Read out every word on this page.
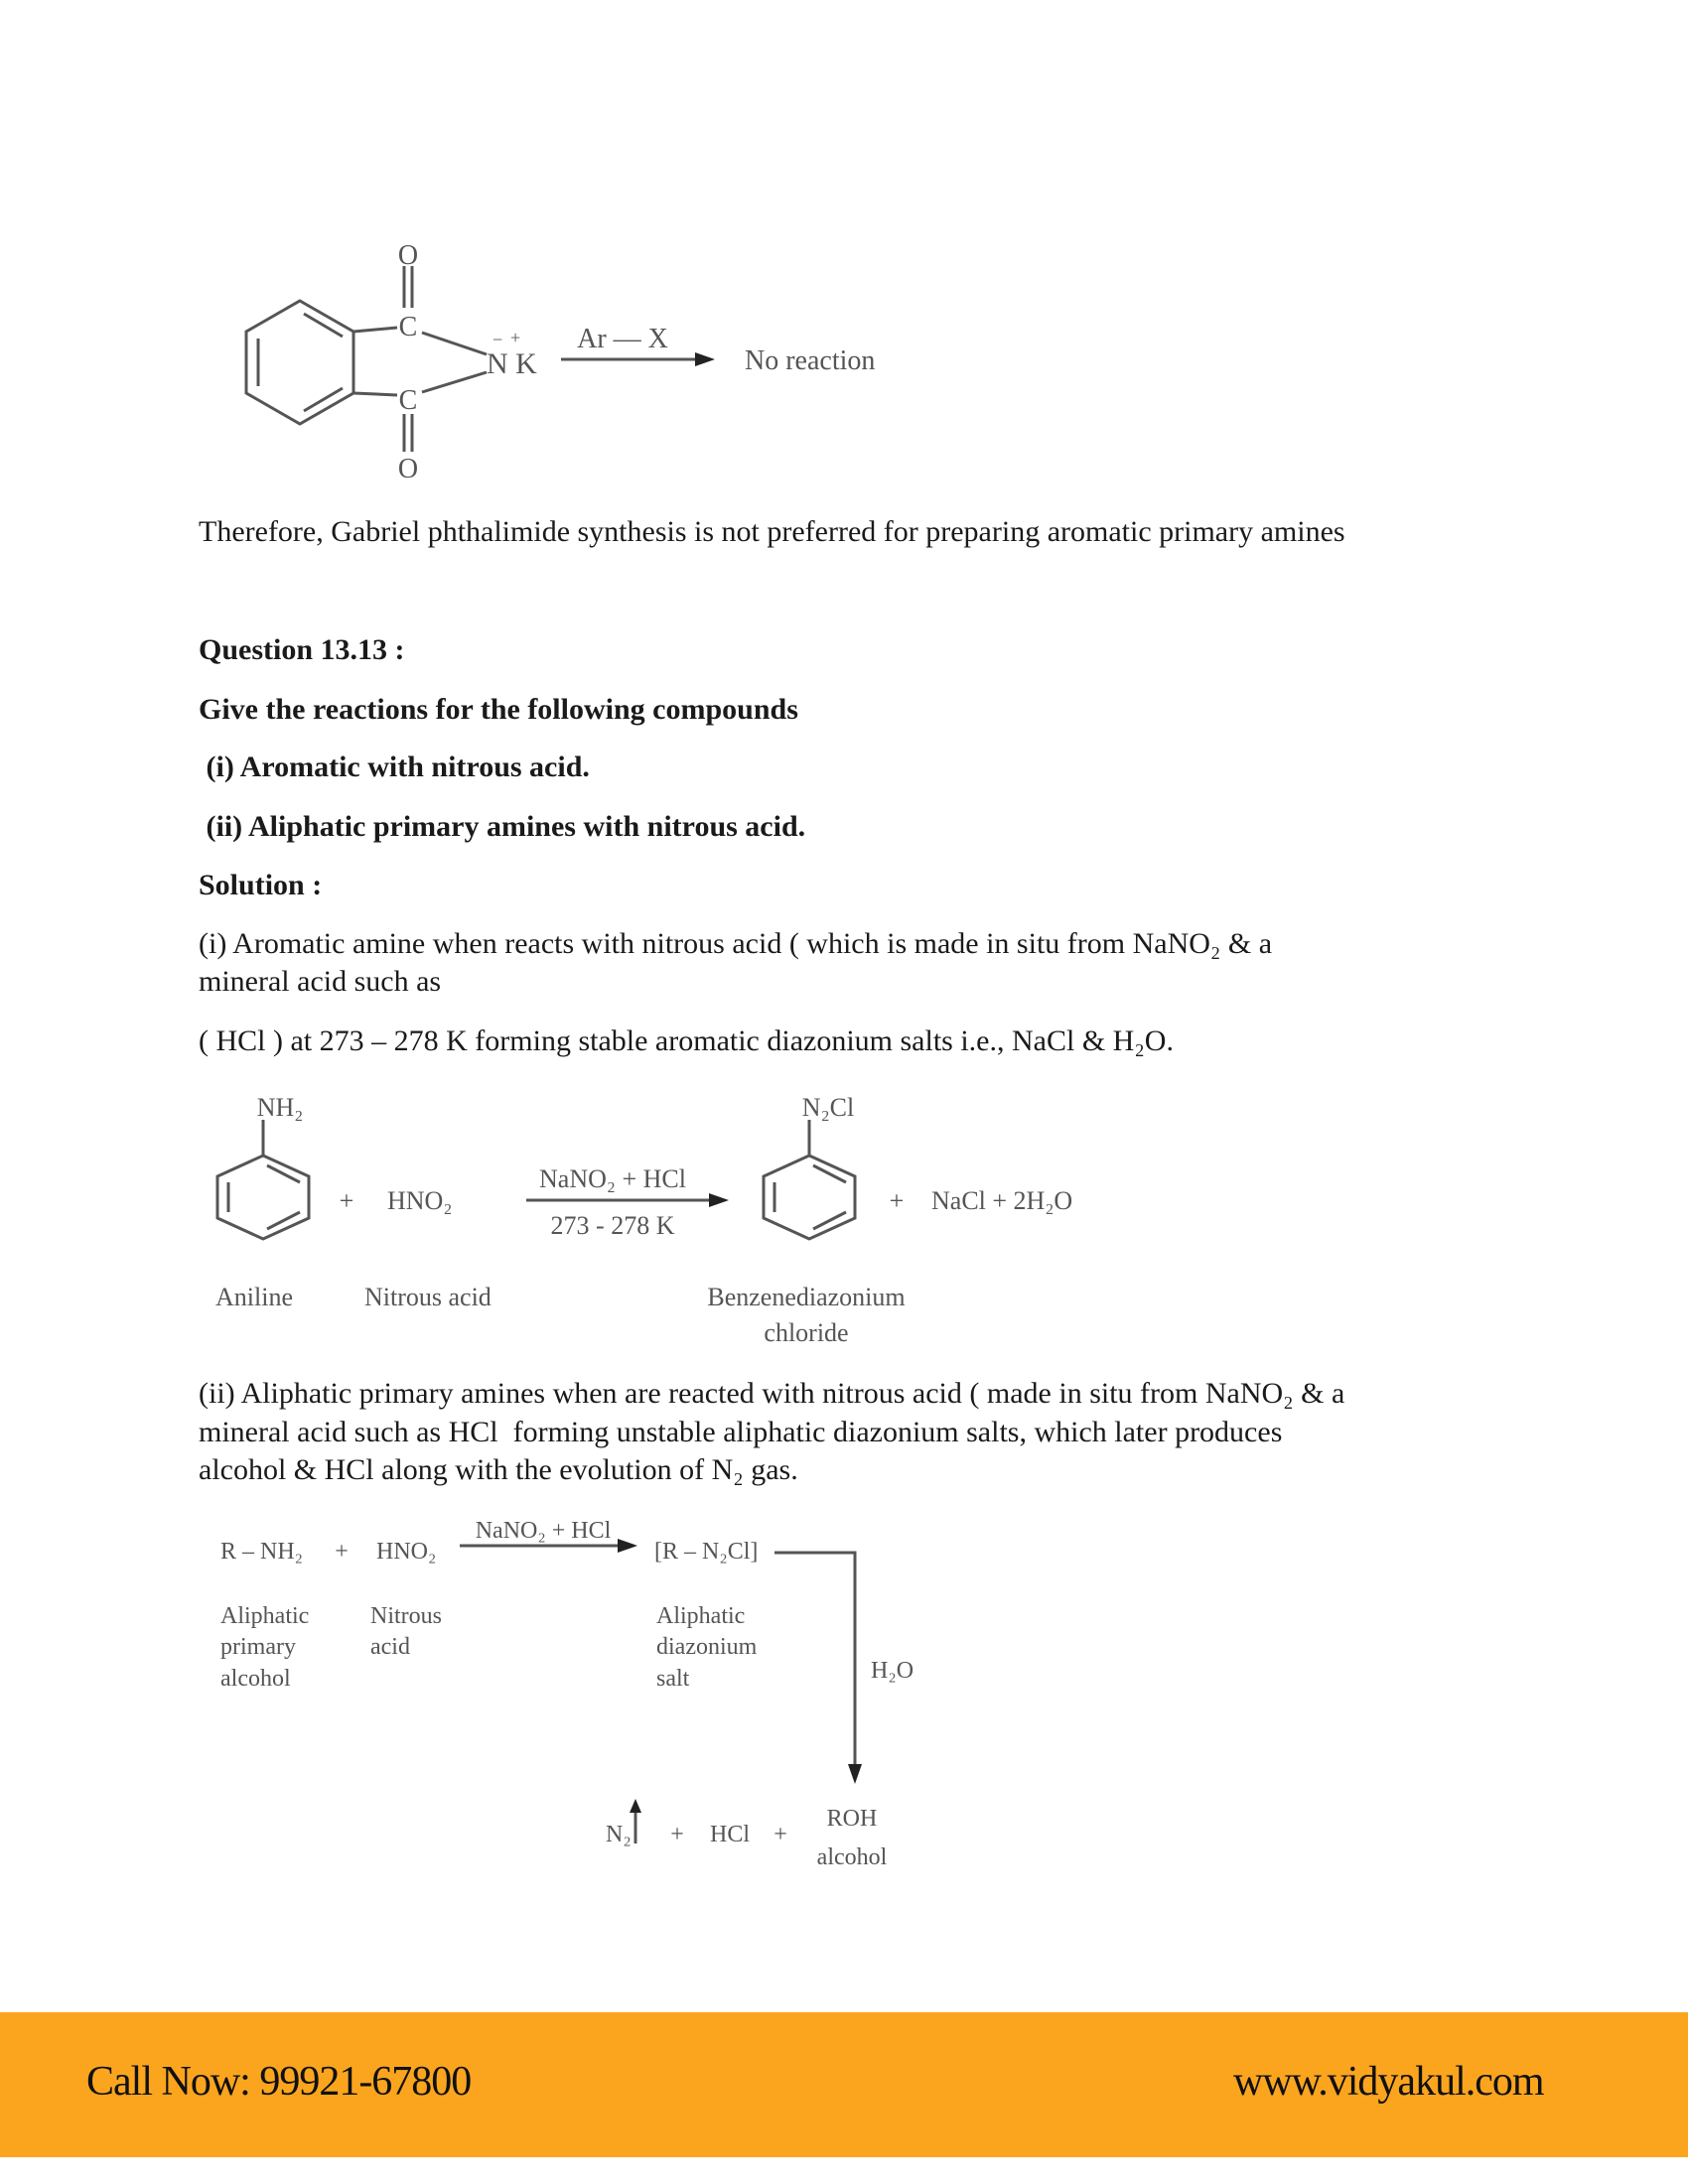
O
C
C
O
N K
− + Ar — X
No reaction
Therefore, Gabriel phthalimide synthesis is not preferred for preparing aromatic primary amines
Question 13.13 :
Give the reactions for the following compounds
(i) Aromatic with nitrous acid.
(ii) Aliphatic primary amines with nitrous acid.
Solution :
(i) Aromatic amine when reacts with nitrous acid ( which is made in situ from NaNO₂ & a
mineral acid such as
( HCl ) at 273 – 278 K forming stable aromatic diazonium salts i.e., NaCl & H₂O.
NH₂
+ HNO₂
NaNO₂ + HCl
273 - 278 K
N₂Cl
+ NaCl + 2H₂O
Aniline	Nitrous acid	Benzenediazonium
chloride
(ii) Aliphatic primary amines when are reacted with nitrous acid ( made in situ from NaNO₂ & a
mineral acid such as HCl  forming unstable aliphatic diazonium salts, which later produces
alcohol & HCl along with the evolution of N₂ gas.
R – NH₂ + HNO₂
NaNO₂ + HCl
[R – N₂Cl]
H₂O
Aliphatic
primary
alcohol
Nitrous
acid
Aliphatic
diazonium
salt
N₂ + HCl +
ROH
alcohol
Call Now: 99921-67800	www.vidyakul.com
